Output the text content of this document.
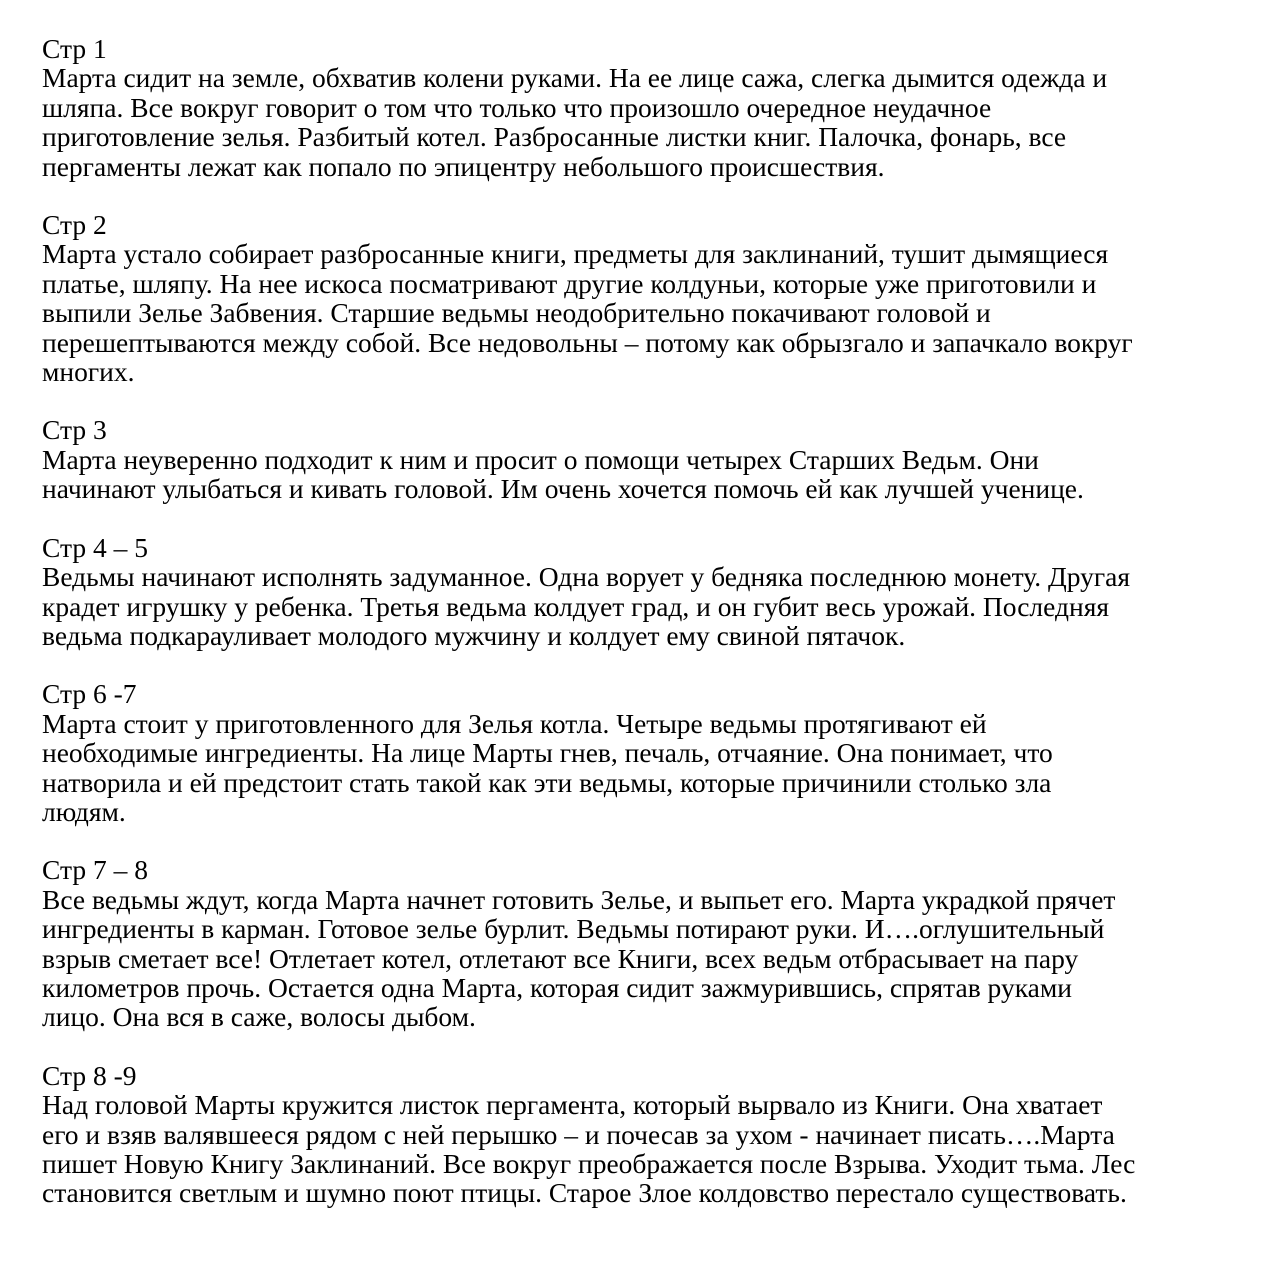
Стр 1
Марта сидит на земле, обхватив колени руками. На ее лице сажа, слегка дымится одежда и
шляпа. Все вокруг говорит о том что только что произошло очередное неудачное
приготовление зелья. Разбитый котел. Разбросанные листки книг. Палочка, фонарь, все
пергаменты лежат как попало по эпицентру небольшого происшествия.
Стр 2
Марта устало собирает разбросанные книги, предметы для заклинаний, тушит дымящиеся
платье, шляпу. На нее искоса посматривают другие колдуньи, которые уже приготовили и
выпили Зелье Забвения. Старшие ведьмы неодобрительно покачивают головой и
перешептываются между собой. Все недовольны – потому как обрызгало и запачкало вокруг
многих.
Стр 3
Марта неуверенно подходит к ним и просит о помощи четырех Старших Ведьм. Они
начинают улыбаться и кивать головой. Им очень хочется помочь ей как лучшей ученице.
Стр 4 – 5
Ведьмы начинают исполнять задуманное. Одна ворует у бедняка последнюю монету. Другая
крадет игрушку у ребенка. Третья ведьма колдует град, и он губит весь урожай. Последняя
ведьма подкарауливает молодого мужчину и колдует ему свиной пятачок.
Стр 6 -7
Марта стоит у приготовленного для Зелья котла. Четыре ведьмы протягивают ей
необходимые ингредиенты. На лице Марты гнев, печаль, отчаяние. Она понимает, что
натворила и ей предстоит стать такой как эти ведьмы, которые причинили столько зла
людям.
Стр 7 – 8
Все ведьмы ждут, когда Марта начнет готовить Зелье, и выпьет его. Марта украдкой прячет
ингредиенты в карман. Готовое зелье бурлит. Ведьмы потирают руки. И….оглушительный
взрыв сметает все! Отлетает котел, отлетают все Книги, всех ведьм отбрасывает на пару
километров прочь. Остается одна Марта, которая сидит зажмурившись, спрятав руками
лицо. Она вся в саже, волосы дыбом.
Стр 8 -9
Над головой Марты кружится листок пергамента, который вырвало из Книги. Она хватает
его и взяв валявшееся рядом с ней перышко – и почесав за ухом - начинает писать….Марта
пишет Новую Книгу Заклинаний. Все вокруг преображается после Взрыва. Уходит тьма. Лес
становится светлым и шумно поют птицы. Старое Злое колдовство перестало существовать.
